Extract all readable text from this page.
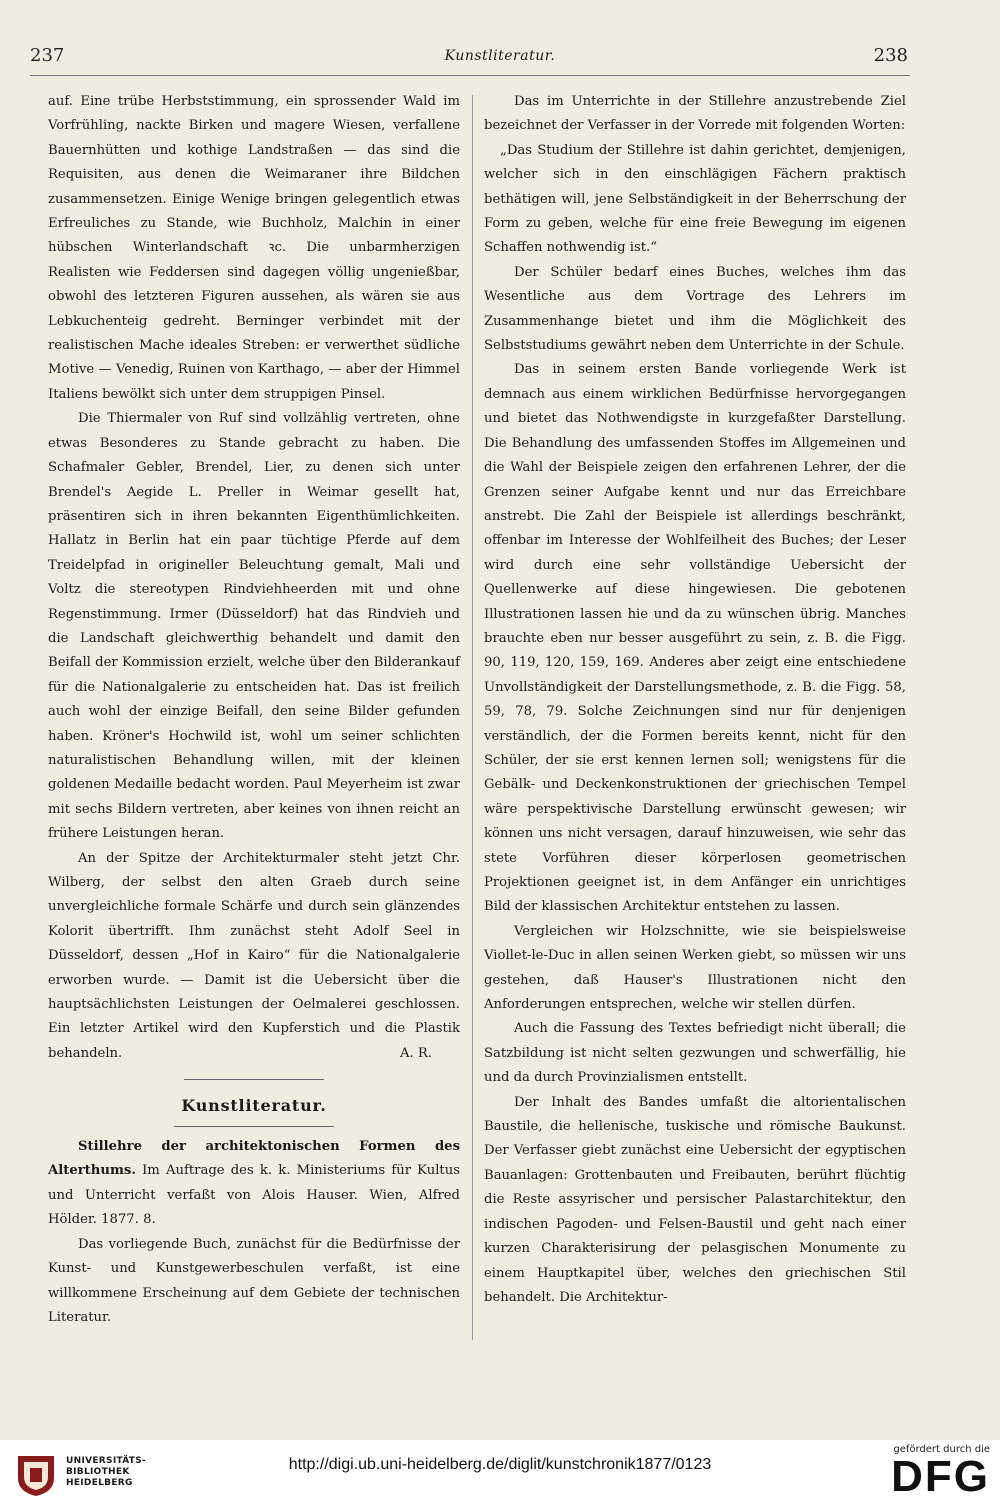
237	Kunstliteratur.	238

auf. Eine trübe Herbststimmung, ein sprossender Wald im Vorfrühling, nackte Birken und magere Wiesen, verfallene Bauernhütten und kothige Landstraßen — das sind die Requisiten, aus denen die Weimaraner ihre Bildchen zusammensetzen. Einige Wenige bringen gelegentlich etwas Erfreuliches zu Stande, wie Buchholz, Malchin in einer hübschen Winterlandschaft ꝛc. Die unbarmherzigen Realisten wie Feddersen sind dagegen völlig ungenießbar, obwohl des letzteren Figuren aussehen, als wären sie aus Lebkuchenteig gedreht. Berninger verbindet mit der realistischen Mache ideales Streben: er verwerthet südliche Motive — Venedig, Ruinen von Karthago, — aber der Himmel Italiens bewölkt sich unter dem struppigen Pinsel.

Die Thiermaler von Ruf sind vollzählig vertreten, ohne etwas Besonderes zu Stande gebracht zu haben. Die Schafmaler Gebler, Brendel, Lier, zu denen sich unter Brendel's Aegide L. Preller in Weimar gesellt hat, präsentiren sich in ihren bekannten Eigenthümlichkeiten. Hallatz in Berlin hat ein paar tüchtige Pferde auf dem Treidelpfad in origineller Beleuchtung gemalt, Mali und Voltz die stereotypen Rindviehheerden mit und ohne Regenstimmung. Irmer (Düsseldorf) hat das Rindvieh und die Landschaft gleichwerthig behandelt und damit den Beifall der Kommission erzielt, welche über den Bilderankauf für die Nationalgalerie zu entscheiden hat. Das ist freilich auch wohl der einzige Beifall, den seine Bilder gefunden haben. Kröner's Hochwild ist, wohl um seiner schlichten naturalistischen Behandlung willen, mit der kleinen goldenen Medaille bedacht worden. Paul Meyerheim ist zwar mit sechs Bildern vertreten, aber keines von ihnen reicht an frühere Leistungen heran.

An der Spitze der Architekturmaler steht jetzt Chr. Wilberg, der selbst den alten Graeb durch seine unvergleichliche formale Schärfe und durch sein glänzendes Kolorit übertrifft. Ihm zunächst steht Adolf Seel in Düsseldorf, dessen „Hof in Kairo“ für die Nationalgalerie erworben wurde. — Damit ist die Uebersicht über die hauptsächlichsten Leistungen der Oelmalerei geschlossen. Ein letzter Artikel wird den Kupferstich und die Plastik behandeln.	A. R.
Kunstliteratur.

Stillehre der architektonischen Formen des Alterthums. Im Auftrage des k. k. Ministeriums für Kultus und Unterricht verfaßt von Alois Hauser. Wien, Alfred Hölder. 1877. 8.

Das vorliegende Buch, zunächst für die Bedürfnisse der Kunst- und Kunstgewerbeschulen verfaßt, ist eine willkommene Erscheinung auf dem Gebiete der technischen Literatur.

Das im Unterrichte in der Stillehre anzustrebende Ziel bezeichnet der Verfasser in der Vorrede mit folgenden Worten:

„Das Studium der Stillehre ist dahin gerichtet, demjenigen, welcher sich in den einschlägigen Fächern praktisch bethätigen will, jene Selbständigkeit in der Beherrschung der Form zu geben, welche für eine freie Bewegung im eigenen Schaffen nothwendig ist.“

Der Schüler bedarf eines Buches, welches ihm das Wesentliche aus dem Vortrage des Lehrers im Zusammenhange bietet und ihm die Möglichkeit des Selbststudiums gewährt neben dem Unterrichte in der Schule.

Das in seinem ersten Bande vorliegende Werk ist demnach aus einem wirklichen Bedürfnisse hervorgegangen und bietet das Nothwendigste in kurzgefaßter Darstellung. Die Behandlung des umfassenden Stoffes im Allgemeinen und die Wahl der Beispiele zeigen den erfahrenen Lehrer, der die Grenzen seiner Aufgabe kennt und nur das Erreichbare anstrebt. Die Zahl der Beispiele ist allerdings beschränkt, offenbar im Interesse der Wohlfeilheit des Buches; der Leser wird durch eine sehr vollständige Uebersicht der Quellenwerke auf diese hingewiesen. Die gebotenen Illustrationen lassen hie und da zu wünschen übrig. Manches brauchte eben nur besser ausgeführt zu sein, z. B. die Figg. 90, 119, 120, 159, 169. Anderes aber zeigt eine entschiedene Unvollständigkeit der Darstellungsmethode, z. B. die Figg. 58, 59, 78, 79. Solche Zeichnungen sind nur für denjenigen verständlich, der die Formen bereits kennt, nicht für den Schüler, der sie erst kennen lernen soll; wenigstens für die Gebälk- und Deckenkonstruktionen der griechischen Tempel wäre perspektivische Darstellung erwünscht gewesen; wir können uns nicht versagen, darauf hinzuweisen, wie sehr das stete Vorführen dieser körperlosen geometrischen Projektionen geeignet ist, in dem Anfänger ein unrichtiges Bild der klassischen Architektur entstehen zu lassen.

Vergleichen wir Holzschnitte, wie sie beispielsweise Viollet-le-Duc in allen seinen Werken giebt, so müssen wir uns gestehen, daß Hauser's Illustrationen nicht den Anforderungen entsprechen, welche wir stellen dürfen.

Auch die Fassung des Textes befriedigt nicht überall; die Satzbildung ist nicht selten gezwungen und schwerfällig, hie und da durch Provinzialismen entstellt.

Der Inhalt des Bandes umfaßt die altorientalischen Baustile, die hellenische, tuskische und römische Baukunst. Der Verfasser giebt zunächst eine Uebersicht der egyptischen Bauanlagen: Grottenbauten und Freibauten, berührt flüchtig die Reste assyrischer und persischer Palastarchitektur, den indischen Pagoden- und Felsen-Baustil und geht nach einer kurzen Charakterisirung der pelasgischen Monumente zu einem Hauptkapitel über, welches den griechischen Stil behandelt. Die Architektur-

UNIVERSITÄTS-
BIBLIOTHEK
HEIDELBERG
http://digi.ub.uni-heidelberg.de/diglit/kunstchronik1877/0123
gefördert durch die
DFG
